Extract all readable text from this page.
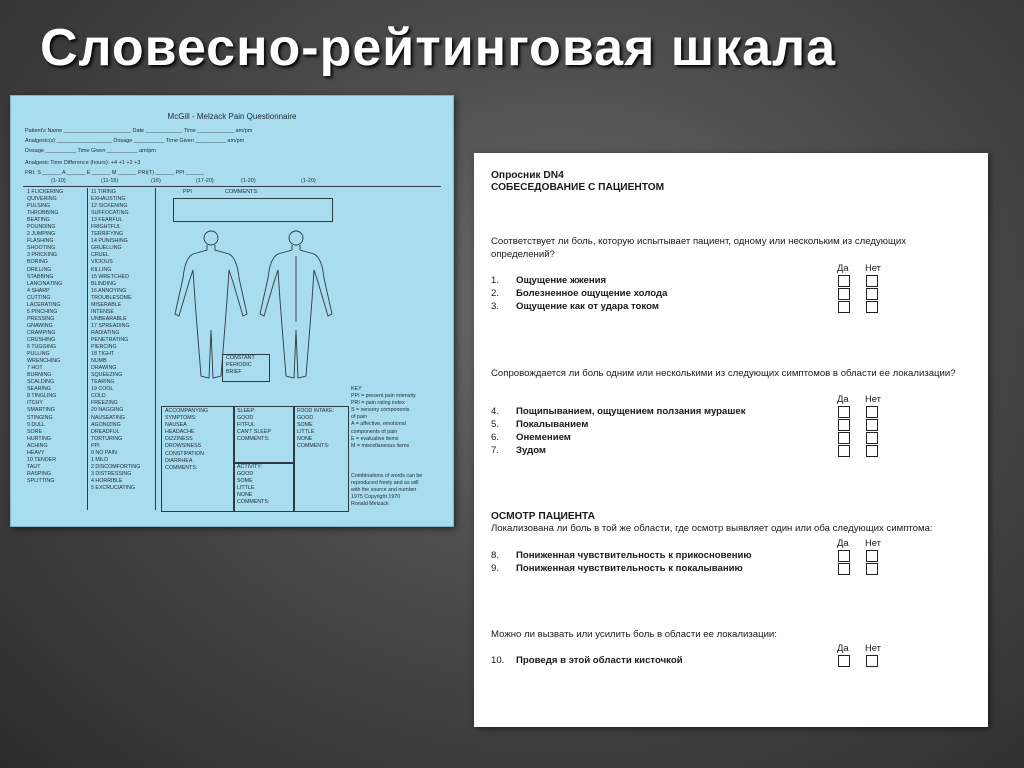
Словесно-рейтинговая шкала
McGill - Melzack Pain Questionnaire
Patient's Name ______________________ Date ____________ Time ____________ am/pm
Analgesic(s) __________________ Dosage __________ Time Given __________ am/pm
Dosage __________ Time Given __________ am/pm
Analgesic Time Difference (hours): +4 +1 +2 +3
PRI: S ______ A ______ E ______ M ______ PRI(T) ______ PPI ______
(1-10)	(11-15)	(16)	(17-20)	(1-20)	(1-20)
1 FLICKERING
QUIVERING
PULSING
THROBBING
BEATING
POUNDING
2 JUMPING
FLASHING
SHOOTING
3 PRICKING
BORING
DRILLING
STABBING
LANCINATING
4 SHARP
CUTTING
LACERATING
5 PINCHING
PRESSING
GNAWING
CRAMPING
CRUSHING
6 TUGGING
PULLING
WRENCHING
7 HOT
BURNING
SCALDING
SEARING
8 TINGLING
ITCHY
SMARTING
STINGING
9 DULL
SORE
HURTING
ACHING
HEAVY
10 TENDER
TAUT
RASPING
SPLITTING
11 TIRING
EXHAUSTING
12 SICKENING
SUFFOCATING
13 FEARFUL
FRIGHTFUL
TERRIFYING
14 PUNISHING
GRUELLING
CRUEL
VICIOUS
KILLING
15 WRETCHED
BLINDING
16 ANNOYING
TROUBLESOME
MISERABLE
INTENSE
UNBEARABLE
17 SPREADING
RADIATING
PENETRATING
PIERCING
18 TIGHT
NUMB
DRAWING
SQUEEZING
TEARING
19 COOL
COLD
FREEZING
20 NAGGING
NAUSEATING
AGONIZING
DREADFUL
TORTURING
PPI
0 NO PAIN
1 MILD
2 DISCOMFORTING
3 DISTRESSING
4 HORRIBLE
5 EXCRUCIATING
PPI	COMMENTS:
CONSTANT
PERIODIC
BRIEF
ACCOMPANYING
SYMPTOMS:
NAUSEA
HEADACHE
DIZZINESS
DROWSINESS
CONSTIPATION
DIARRHEA
COMMENTS:
SLEEP:
GOOD
FITFUL
CAN'T SLEEP
COMMENTS:
ACTIVITY:
GOOD
SOME
LITTLE
NONE
COMMENTS:
FOOD INTAKE:
GOOD
SOME
LITTLE
NONE
COMMENTS:
KEY
PPI = present pain intensity
PRI = pain rating index
S = sensory components
of pain
A = affective, emotional
components of pain
E = evaluative items
M = miscellaneous items
Combinations of words can be
reproduced freely and as will
with the source and number
1975 Copyright 1970
Ronald Melzack
Опросник DN4
СОБЕСЕДОВАНИЕ С ПАЦИЕНТОМ
Соответствует ли боль, которую испытывает пациент, одному или нескольким из следующих определений?
Да Нет
1. Ощущение жжения
2. Болезненное ощущение холода
3. Ощущение как от удара током
Сопровождается ли боль одним или несколькими из следующих симптомов в области ее локализации?
Да Нет
4. Пощипыванием, ощущением ползания мурашек
5. Покалыванием
6. Онемением
7. Зудом
ОСМОТР ПАЦИЕНТА
Локализована ли боль в той же области, где осмотр выявляет один или оба следующих симптома:
Да Нет
8. Пониженная чувствительность к прикосновению
9. Пониженная чувствительность к покалыванию
Можно ли вызвать или усилить боль в области ее локализации:
Да Нет
10. Проведя в этой области кисточкой
